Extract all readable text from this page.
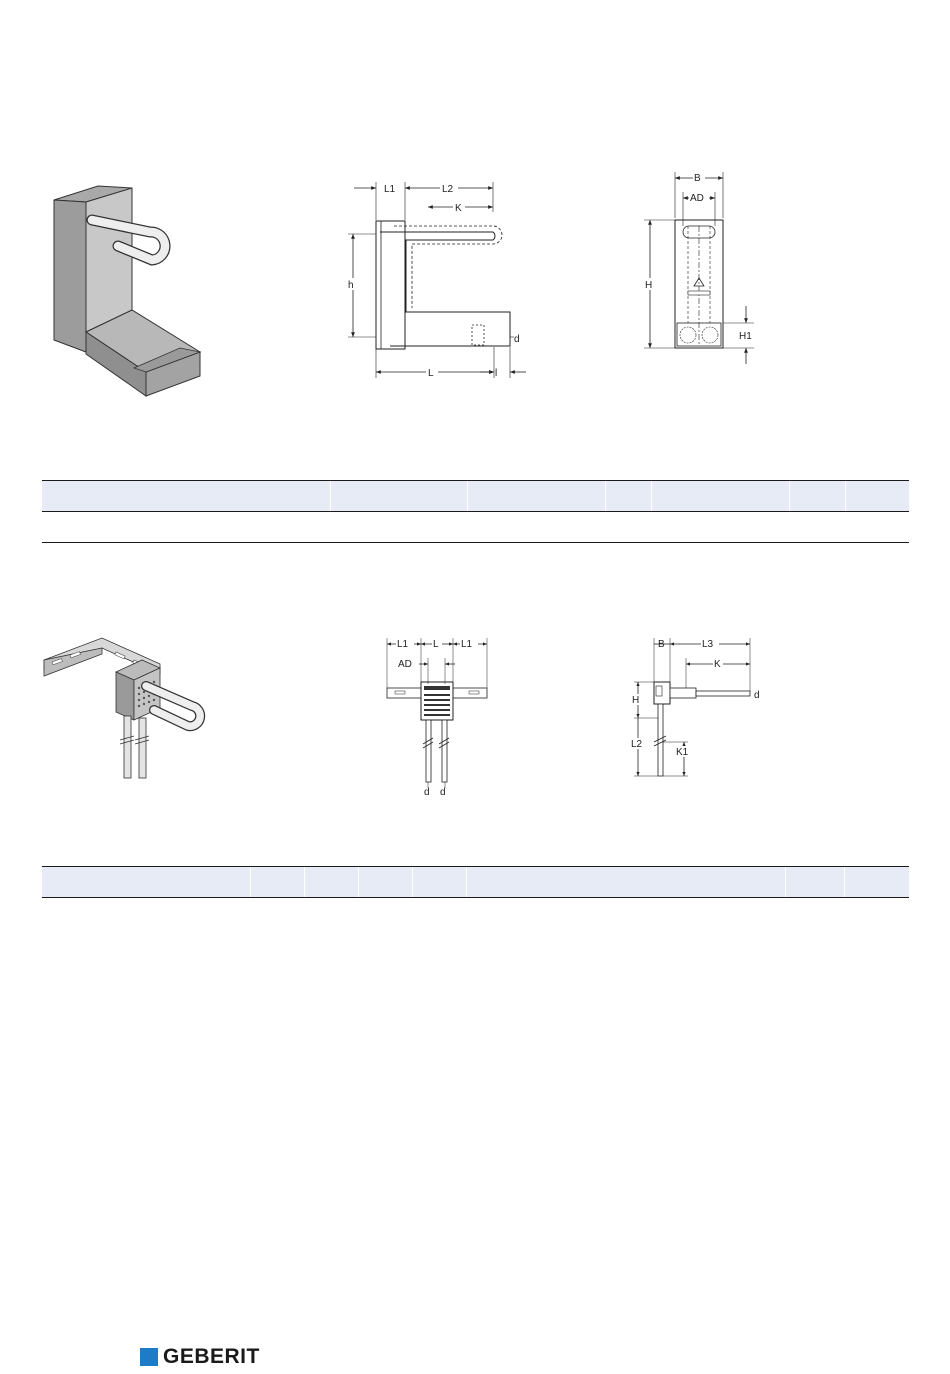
L1	L2
K
h
d
L	l
B
AD
H
H1
L1 L L1
AD
d d
B	L3
K
d
H
L2
K1
GEBERIT
